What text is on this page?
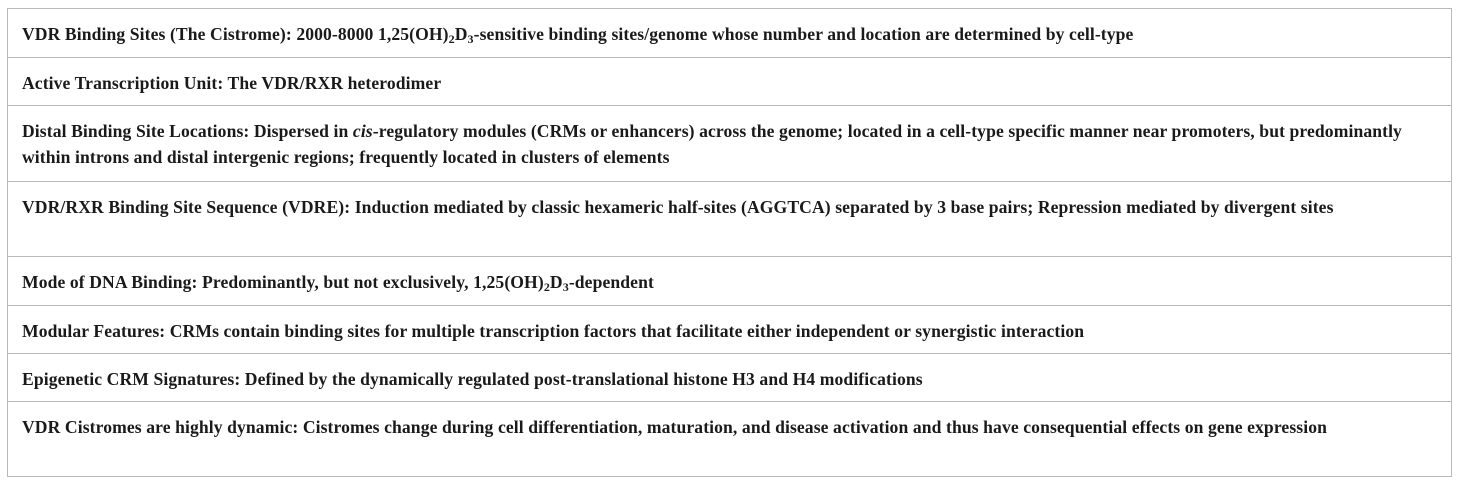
VDR Binding Sites (The Cistrome): 2000-8000 $1,25(OH)_2D_3$-sensitive binding sites/genome whose number and location are determined by cell-type
Active Transcription Unit: The VDR/RXR heterodimer
Distal Binding Site Locations: Dispersed in cis-regulatory modules (CRMs or enhancers) across the genome; located in a cell-type specific manner near promoters, but predominantly within introns and distal intergenic regions; frequently located in clusters of elements
VDR/RXR Binding Site Sequence (VDRE): Induction mediated by classic hexameric half-sites (AGGTCA) separated by 3 base pairs; Repression mediated by divergent sites
Mode of DNA Binding: Predominantly, but not exclusively, $1,25(OH)_2D_3$-dependent
Modular Features: CRMs contain binding sites for multiple transcription factors that facilitate either independent or synergistic interaction
Epigenetic CRM Signatures: Defined by the dynamically regulated post-translational histone H3 and H4 modifications
VDR Cistromes are highly dynamic: Cistromes change during cell differentiation, maturation, and disease activation and thus have consequential effects on gene expression
